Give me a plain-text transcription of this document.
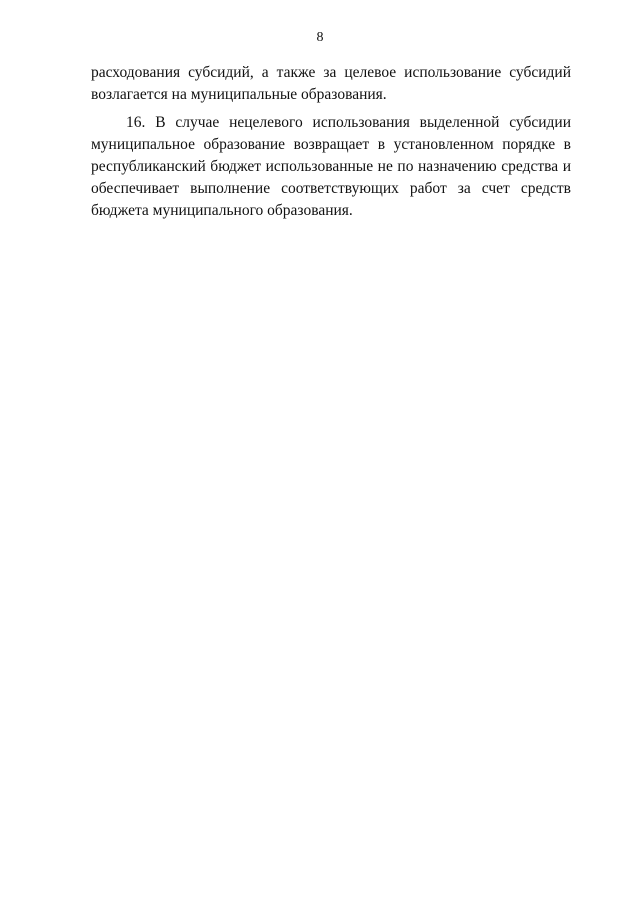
8

расходования субсидий, а также за целевое использование субсидий
возлагается на муниципальные образования.

16. В случае нецелевого использования выделенной субсидии
муниципальное образование возвращает в установленном порядке в
республиканский бюджет использованные не по назначению средства и
обеспечивает выполнение соответствующих работ за счет средств
бюджета муниципального образования.
